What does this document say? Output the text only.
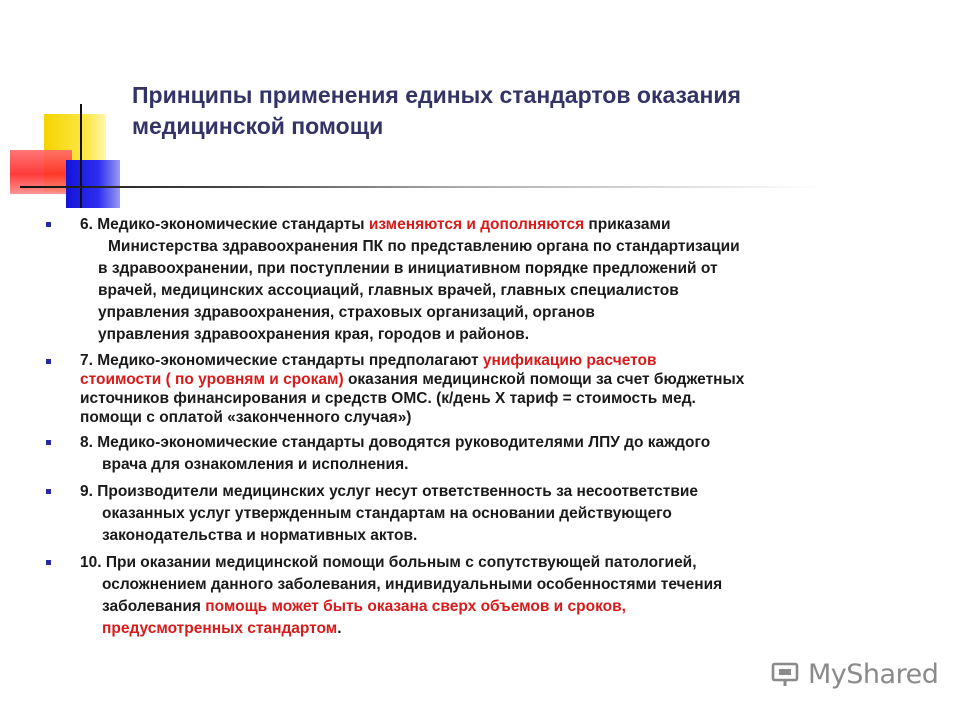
Принципы применения единых стандартов оказания
медицинской помощи
6. Медико-экономические стандарты изменяются и дополняются приказами
Министерства здравоохранения ПК по представлению органа по стандартизации
в здравоохранении, при поступлении в инициативном порядке предложений от
врачей, медицинских ассоциаций, главных врачей, главных специалистов
управления здравоохранения, страховых организаций, органов
управления здравоохранения края, городов и районов.
7. Медико-экономические стандарты предполагают унификацию расчетов
стоимости ( по уровням и срокам) оказания медицинской помощи за счет бюджетных
источников финансирования и средств ОМС. (к/день Х тариф = стоимость мед.
помощи с оплатой «законченного случая»)
8. Медико-экономические стандарты доводятся руководителями ЛПУ до каждого
врача для ознакомления и исполнения.
9. Производители медицинских услуг несут ответственность за несоответствие
оказанных услуг утвержденным стандартам на основании действующего
законодательства и нормативных актов.
10. При оказании медицинской помощи больным с сопутствующей патологией,
осложнением данного заболевания, индивидуальными особенностями течения
заболевания помощь может быть оказана сверх объемов и сроков,
предусмотренных стандартом.
MyShared
